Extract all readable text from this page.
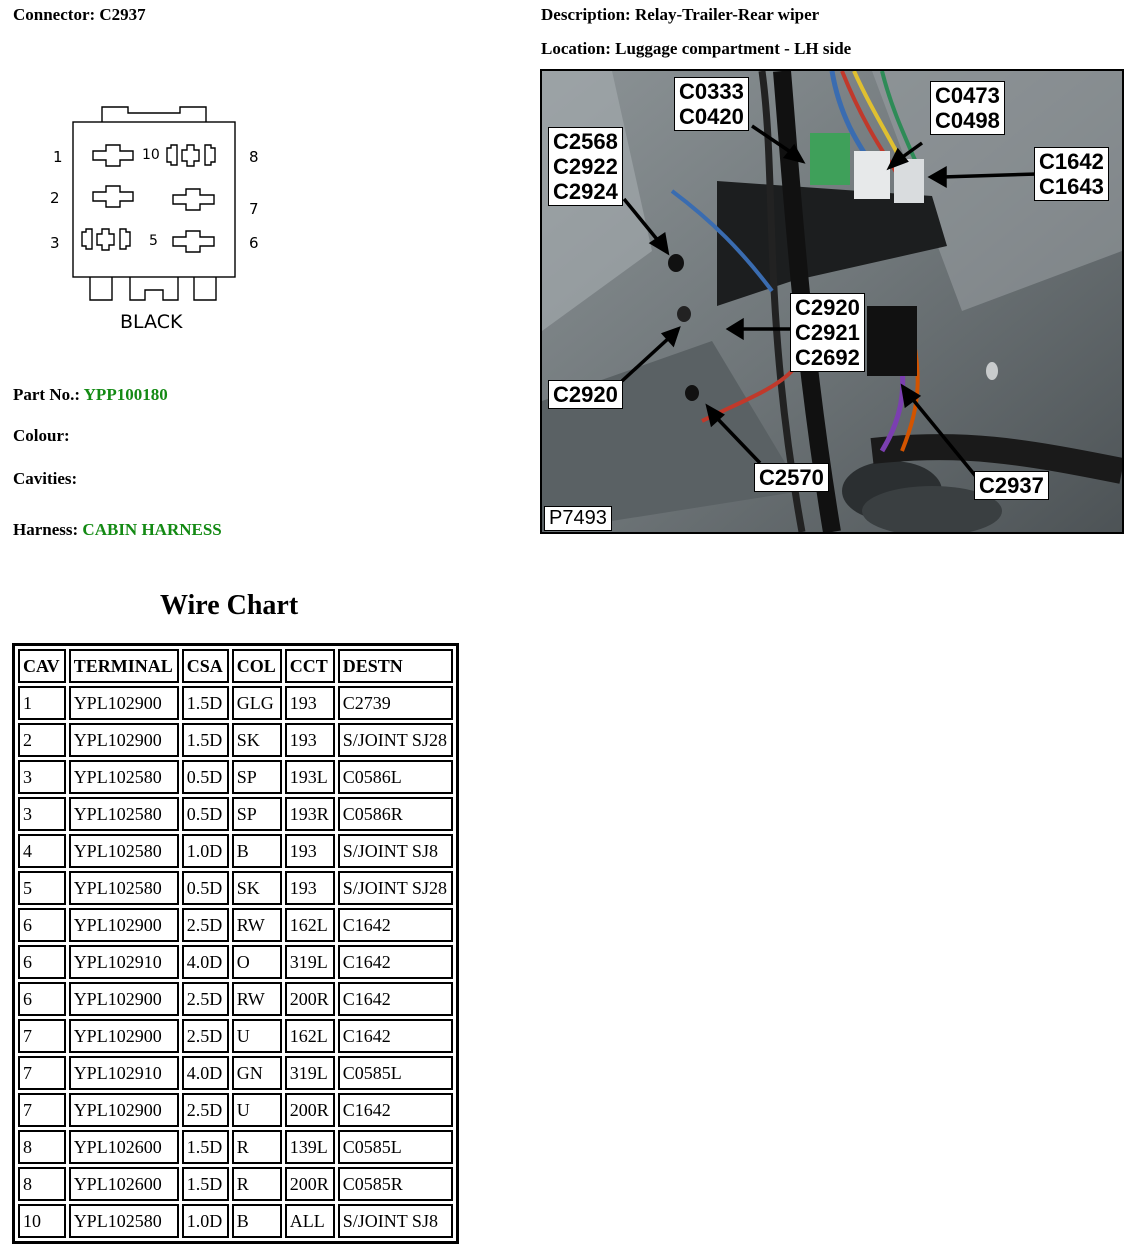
Connector: C2937	Description: Relay-Trailer-Rear wiper
Location: Luggage compartment - LH side
1
2
3
8
7
6
10
5
BLACK
Part No.: YPP100180
Colour:
Cavities:
Harness: CABIN HARNESS
C0333
C0420
C0473
C0498
C2568
C2922
C2924
C1642
C1643
C2920
C2921
C2692
C2920
C2570	C2937
P7493
Wire Chart
CAV	TERMINAL	CSA	COL	CCT	DESTN
1	YPL102900	1.5D	GLG	193	C2739
2	YPL102900	1.5D	SK	193	S/JOINT SJ28
3	YPL102580	0.5D	SP	193L	C0586L
3	YPL102580	0.5D	SP	193R	C0586R
4	YPL102580	1.0D	B	193	S/JOINT SJ8
5	YPL102580	0.5D	SK	193	S/JOINT SJ28
6	YPL102900	2.5D	RW	162L	C1642
6	YPL102910	4.0D	O	319L	C1642
6	YPL102900	2.5D	RW	200R	C1642
7	YPL102900	2.5D	U	162L	C1642
7	YPL102910	4.0D	GN	319L	C0585L
7	YPL102900	2.5D	U	200R	C1642
8	YPL102600	1.5D	R	139L	C0585L
8	YPL102600	1.5D	R	200R	C0585R
10	YPL102580	1.0D	B	ALL	S/JOINT SJ8
